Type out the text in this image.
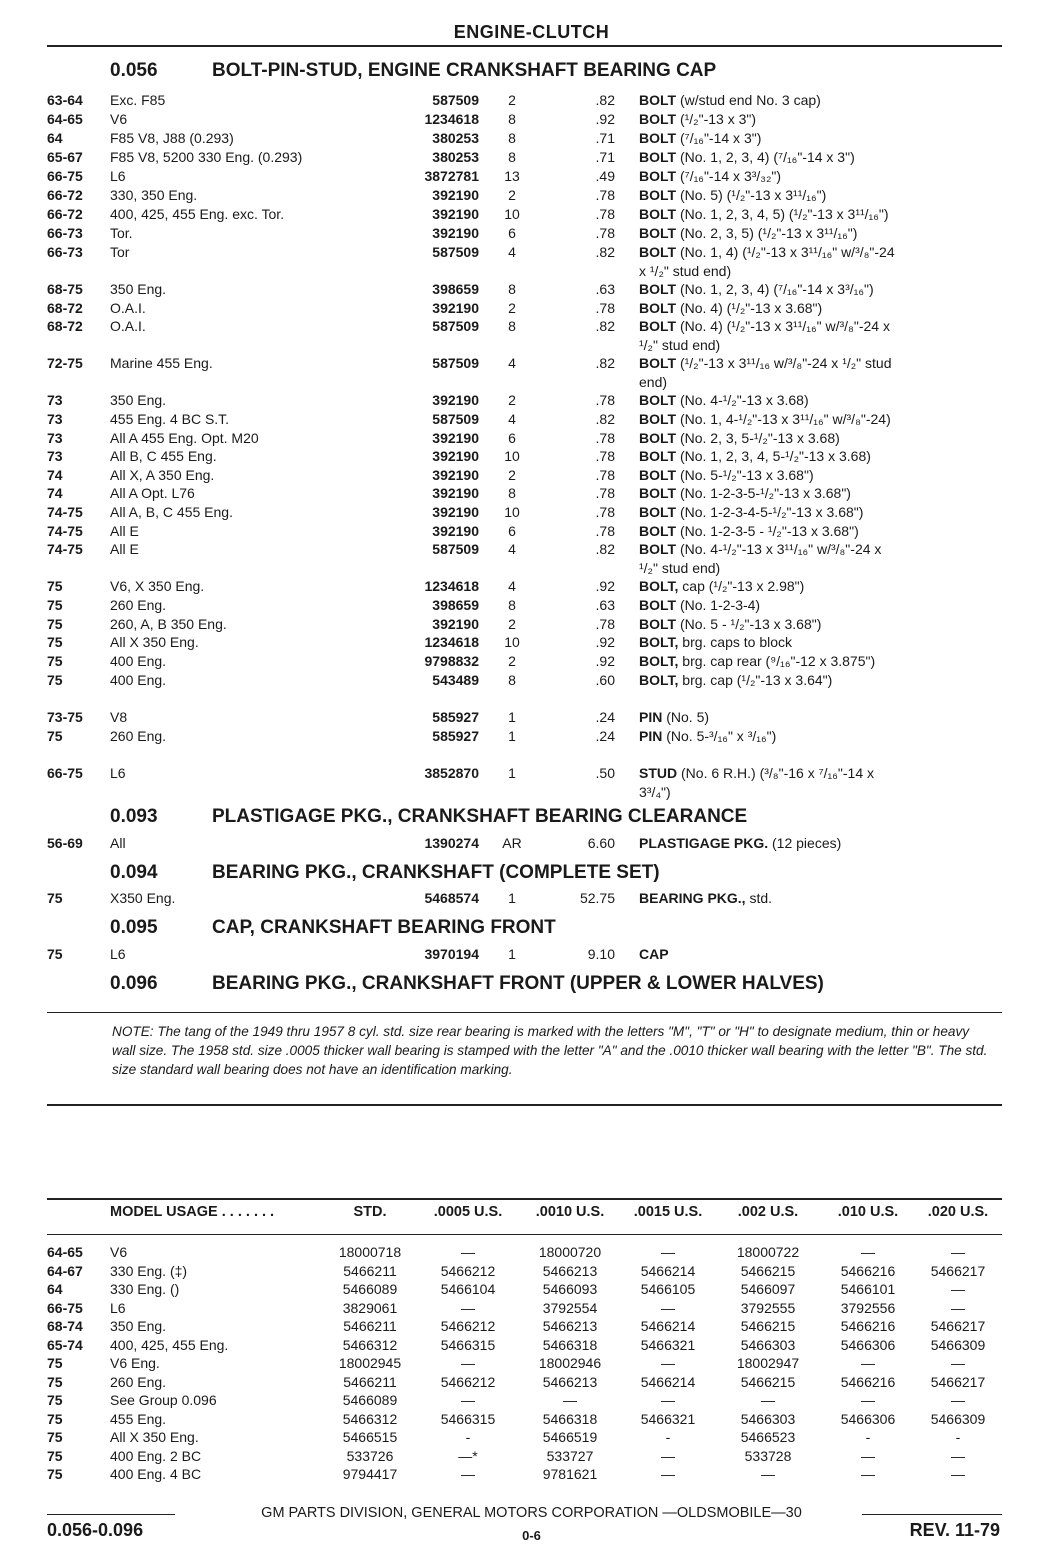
ENGINE-CLUTCH
0.056	BOLT-PIN-STUD, ENGINE CRANKSHAFT BEARING CAP
0.093	PLASTIGAGE PKG., CRANKSHAFT BEARING CLEARANCE
0.094	BEARING PKG., CRANKSHAFT (COMPLETE SET)
0.095	CAP, CRANKSHAFT BEARING FRONT
0.096	BEARING PKG., CRANKSHAFT FRONT (UPPER & LOWER HALVES)
63-64 Exc. F85	587509	2	.82 BOLT (w/stud end No. 3 cap)
64-65 V6	1234618	8	.92 BOLT (¹/₂"-13 x 3")
64	F85 V8, J88 (0.293)	380253	8	.71 BOLT (⁷/₁₆"-14 x 3")
65-67 F85 V8, 5200 330 Eng. (0.293)	380253	8	.71 BOLT (No. 1, 2, 3, 4) (⁷/₁₆"-14 x 3")
66-75 L6	3872781	13	.49 BOLT (⁷/₁₆"-14 x 3³/₃₂")
66-72 330, 350 Eng.	392190	2	.78 BOLT (No. 5) (¹/₂"-13 x 3¹¹/₁₆")
66-72 400, 425, 455 Eng. exc. Tor.	392190	10	.78 BOLT (No. 1, 2, 3, 4, 5) (¹/₂"-13 x 3¹¹/₁₆")
66-73 Tor.	392190	6	.78 BOLT (No. 2, 3, 5) (¹/₂"-13 x 3¹¹/₁₆")
66-73 Tor	587509	4	.82 BOLT (No. 1, 4) (¹/₂"-13 x 3¹¹/₁₆" w/³/₈"-24
x ¹/₂" stud end)
68-75 350 Eng.	398659	8	.63 BOLT (No. 1, 2, 3, 4) (⁷/₁₆"-14 x 3³/₁₆")
68-72 O.A.I.	392190	2	.78 BOLT (No. 4) (¹/₂"-13 x 3.68")
68-72 O.A.I.	587509	8	.82 BOLT (No. 4) (¹/₂"-13 x 3¹¹/₁₆" w/³/₈"-24 x
¹/₂" stud end)
72-75 Marine 455 Eng.	587509	4	.82 BOLT (¹/₂"-13 x 3¹¹/₁₆ w/³/₈"-24 x ¹/₂" stud
end)
73	350 Eng.	392190	2	.78 BOLT (No. 4-¹/₂"-13 x 3.68)
73	455 Eng. 4 BC S.T.	587509	4	.82 BOLT (No. 1, 4-¹/₂"-13 x 3¹¹/₁₆" w/³/₈"-24)
73	All A 455 Eng. Opt. M20	392190	6	.78 BOLT (No. 2, 3, 5-¹/₂"-13 x 3.68)
73	All B, C 455 Eng.	392190	10	.78 BOLT (No. 1, 2, 3, 4, 5-¹/₂"-13 x 3.68)
74	All X, A 350 Eng.	392190	2	.78 BOLT (No. 5-¹/₂"-13 x 3.68")
74	All A Opt. L76	392190	8	.78 BOLT (No. 1-2-3-5-¹/₂"-13 x 3.68")
74-75 All A, B, C 455 Eng.	392190	10	.78 BOLT (No. 1-2-3-4-5-¹/₂"-13 x 3.68")
74-75 All E	392190	6	.78 BOLT (No. 1-2-3-5 - ¹/₂"-13 x 3.68")
74-75 All E	587509	4	.82 BOLT (No. 4-¹/₂"-13 x 3¹¹/₁₆" w/³/₈"-24 x
¹/₂" stud end)
75	V6, X 350 Eng.	1234618	4	.92 BOLT, cap (¹/₂"-13 x 2.98")
75	260 Eng.	398659	8	.63 BOLT (No. 1-2-3-4)
75	260, A, B 350 Eng.	392190	2	.78 BOLT (No. 5 - ¹/₂"-13 x 3.68")
75	All X 350 Eng.	1234618	10	.92 BOLT, brg. caps to block
75	400 Eng.	9798832	2	.92 BOLT, brg. cap rear (⁹/₁₆"-12 x 3.875")
75	400 Eng.	543489	8	.60 BOLT, brg. cap (¹/₂"-13 x 3.64")
73-75 V8	585927	1	.24 PIN (No. 5)
75	260 Eng.	585927	1	.24 PIN (No. 5-³/₁₆" x ³/₁₆")
66-75 L6	3852870	1	.50 STUD (No. 6 R.H.) (³/₈"-16 x ⁷/₁₆"-14 x
3³/₄")
56-69 All	1390274	AR	6.60 PLASTIGAGE PKG. (12 pieces)
75	X350 Eng.	5468574	1	52.75 BEARING PKG., std.
75	L6	3970194	1	9.10 CAP
NOTE: The tang of the 1949 thru 1957 8 cyl. std. size rear bearing is marked with the letters "M", "T" or "H" to designate medium, thin or heavy wall size. The 1958 std. size .0005 thicker wall bearing is stamped with the letter "A" and the .0010 thicker wall bearing with the letter "B". The std. size standard wall bearing does not have an identification marking.
MODEL USAGE . . . . . . .	STD.	.0005 U.S.	.0010 U.S.	.0015 U.S.	.002 U.S.	.010 U.S.	.020 U.S.
64-65 V6	18000718	—	18000720	—	18000722	—	—
64-67 330 Eng. (‡)	5466211	5466212	5466213	5466214	5466215	5466216	5466217
64	330 Eng. ()	5466089	5466104	5466093	5466105	5466097	5466101	—
66-75 L6	3829061	—	3792554	—	3792555	3792556	—
68-74 350 Eng.	5466211	5466212	5466213	5466214	5466215	5466216	5466217
65-74 400, 425, 455 Eng.	5466312	5466315	5466318	5466321	5466303	5466306	5466309
75	V6 Eng.	18002945	—	18002946	—	18002947	—	—
75	260 Eng.	5466211	5466212	5466213	5466214	5466215	5466216	5466217
75	See Group 0.096	5466089	—	—	—	—	—	—
75	455 Eng.	5466312	5466315	5466318	5466321	5466303	5466306	5466309
75	All X 350 Eng.	5466515	-	5466519	-	5466523	-	-
75	400 Eng. 2 BC	533726	—*	533727	—	533728	—	—
75	400 Eng. 4 BC	9794417	—	9781621	—	—	—	—
GM PARTS DIVISION, GENERAL MOTORS CORPORATION —OLDSMOBILE—30
0.056-0.096	0-6	REV. 11-79
